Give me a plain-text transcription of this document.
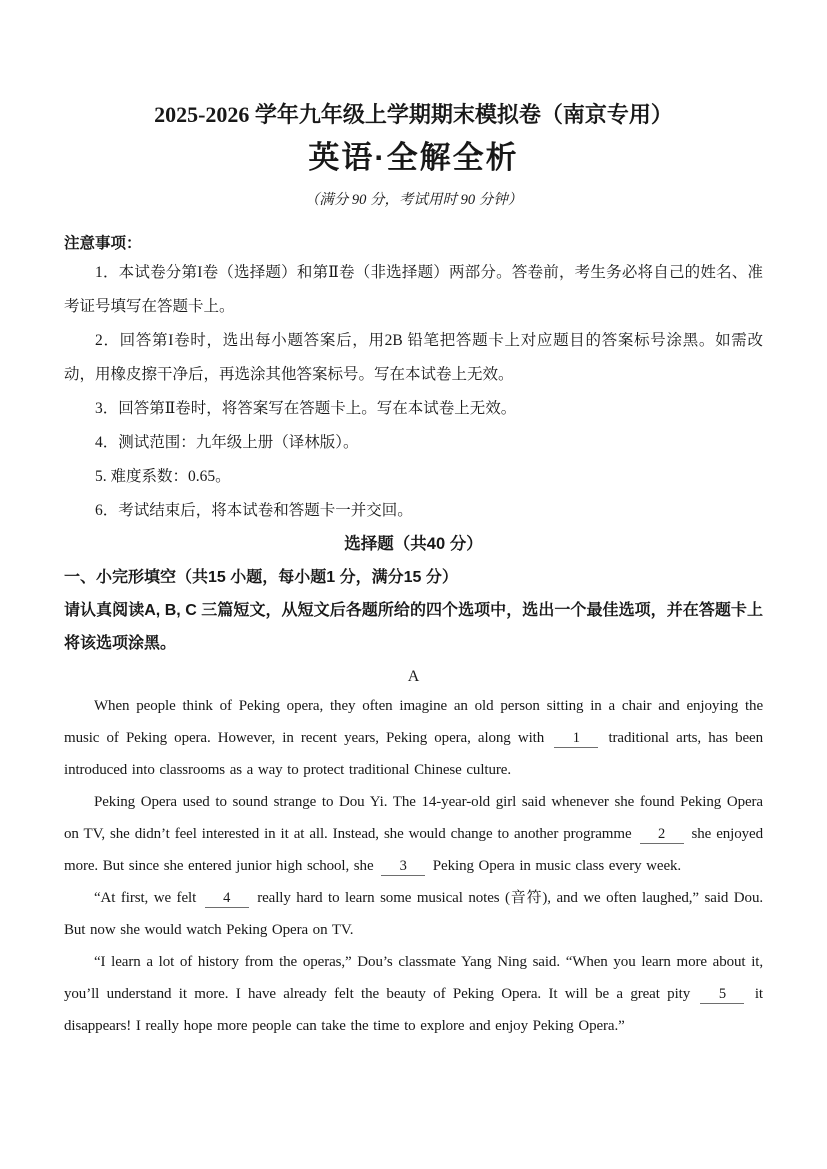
2025-2026 学年九年级上学期期末模拟卷（南京专用）
英语·全解全析

（满分 90 分，考试用时 90 分钟）

注意事项：

1．本试卷分第I卷（选择题）和第Ⅱ卷（非选择题）两部分。答卷前，考生务必将自己的姓名、准考证号填写在答题卡上。

2．回答第I卷时，选出每小题答案后，用2B 铅笔把答题卡上对应题目的答案标号涂黑。如需改动，用橡皮擦干净后，再选涂其他答案标号。写在本试卷上无效。

3．回答第Ⅱ卷时，将答案写在答题卡上。写在本试卷上无效。

4．测试范围：九年级上册（译林版）。

5. 难度系数：0.65。

6．考试结束后，将本试卷和答题卡一并交回。

选择题（共40 分）

一、小完形填空（共15 小题，每小题1 分，满分15 分）

请认真阅读A, B, C 三篇短文，从短文后各题所给的四个选项中，选出一个最佳选项，并在答题卡上将该选项涂黑。

A

When people think of Peking opera, they often imagine an old person sitting in a chair and enjoying the music of Peking opera. However, in recent years, Peking opera, along with 1 traditional arts, has been introduced into classrooms as a way to protect traditional Chinese culture.

Peking Opera used to sound strange to Dou Yi. The 14-year-old girl said whenever she found Peking Opera on TV, she didn’t feel interested in it at all. Instead, she would change to another programme 2 she enjoyed more. But since she entered junior high school, she 3 Peking Opera in music class every week.

“At first, we felt 4 really hard to learn some musical notes (音符), and we often laughed,” said Dou. But now she would watch Peking Opera on TV.

“I learn a lot of history from the operas,” Dou’s classmate Yang Ning said. “When you learn more about it, you’ll understand it more. I have already felt the beauty of Peking Opera. It will be a great pity 5 it disappears! I really hope more people can take the time to explore and enjoy Peking Opera.”
